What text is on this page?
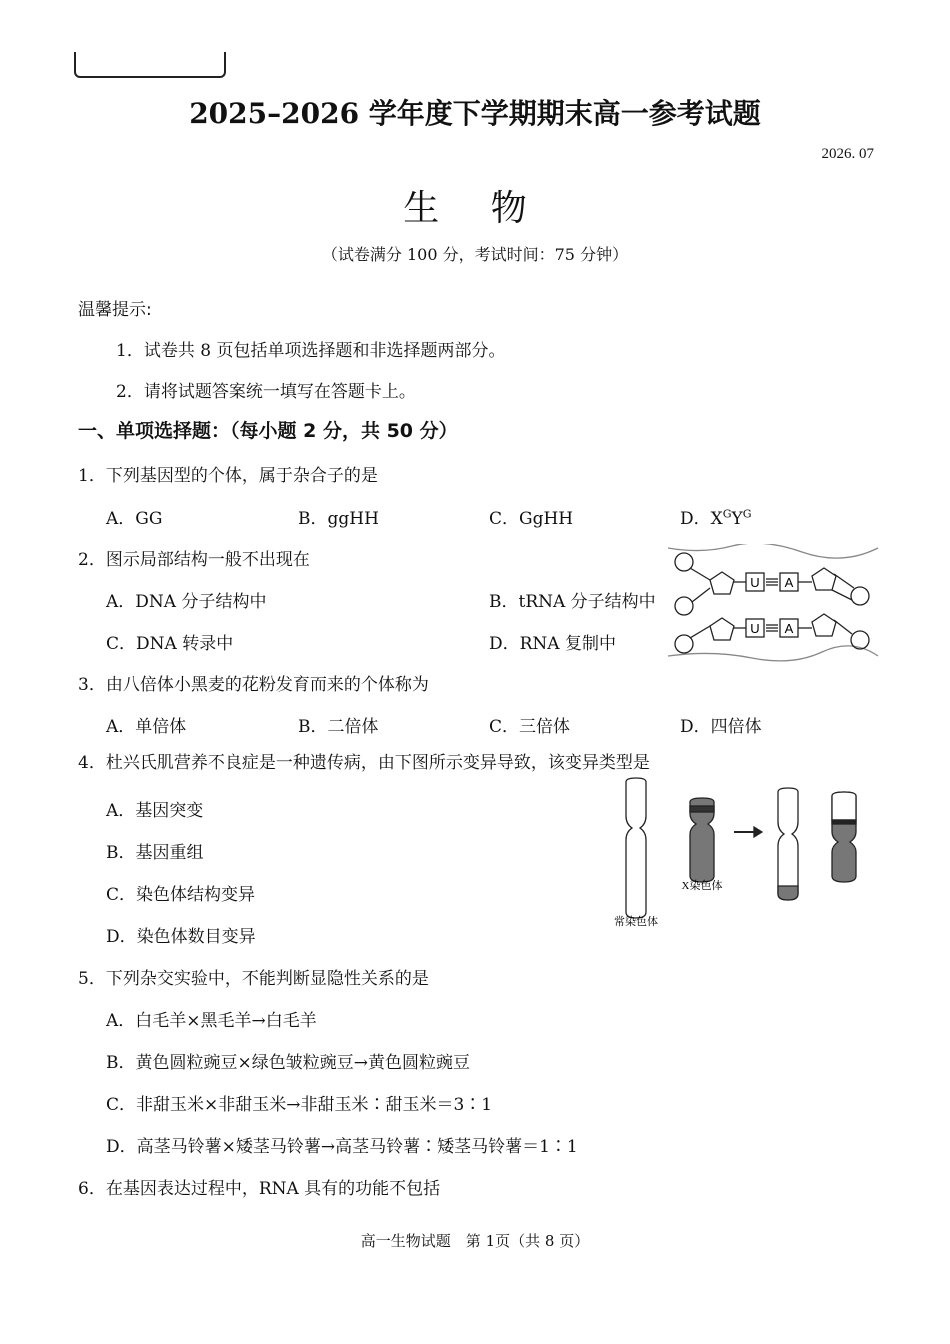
2025–2026 学年度下学期期末高一参考试题
2026. 07
生 物
（试卷满分 100 分，考试时间：75 分钟）
温馨提示:
1．试卷共 8 页包括单项选择题和非选择题两部分。
2．请将试题答案统一填写在答题卡上。
一、单项选择题：（每小题 2 分，共 50 分）
1．下列基因型的个体，属于杂合子的是
A．GG	B．ggHH	C．GgHH	D．$X^GY^G$
2．图示局部结构一般不出现在
A．DNA 分子结构中	B．tRNA 分子结构中
C．DNA 转录中	D．RNA 复制中
U A
U A
3．由八倍体小黑麦的花粉发育而来的个体称为
A．单倍体	B．二倍体	C．三倍体	D．四倍体
4．杜兴氏肌营养不良症是一种遗传病，由下图所示变异导致，该变异类型是
A．基因突变
B．基因重组
C．染色体结构变异
D．染色体数目变异
X染色体
常染色体
5．下列杂交实验中，不能判断显隐性关系的是
A．白毛羊×黑毛羊→白毛羊
B．黄色圆粒豌豆×绿色皱粒豌豆→黄色圆粒豌豆
C．非甜玉米×非甜玉米→非甜玉米∶甜玉米＝3∶1
D．高茎马铃薯×矮茎马铃薯→高茎马铃薯∶矮茎马铃薯＝1∶1
6．在基因表达过程中，RNA 具有的功能不包括
高一生物试题　第 1页（共 8 页）
